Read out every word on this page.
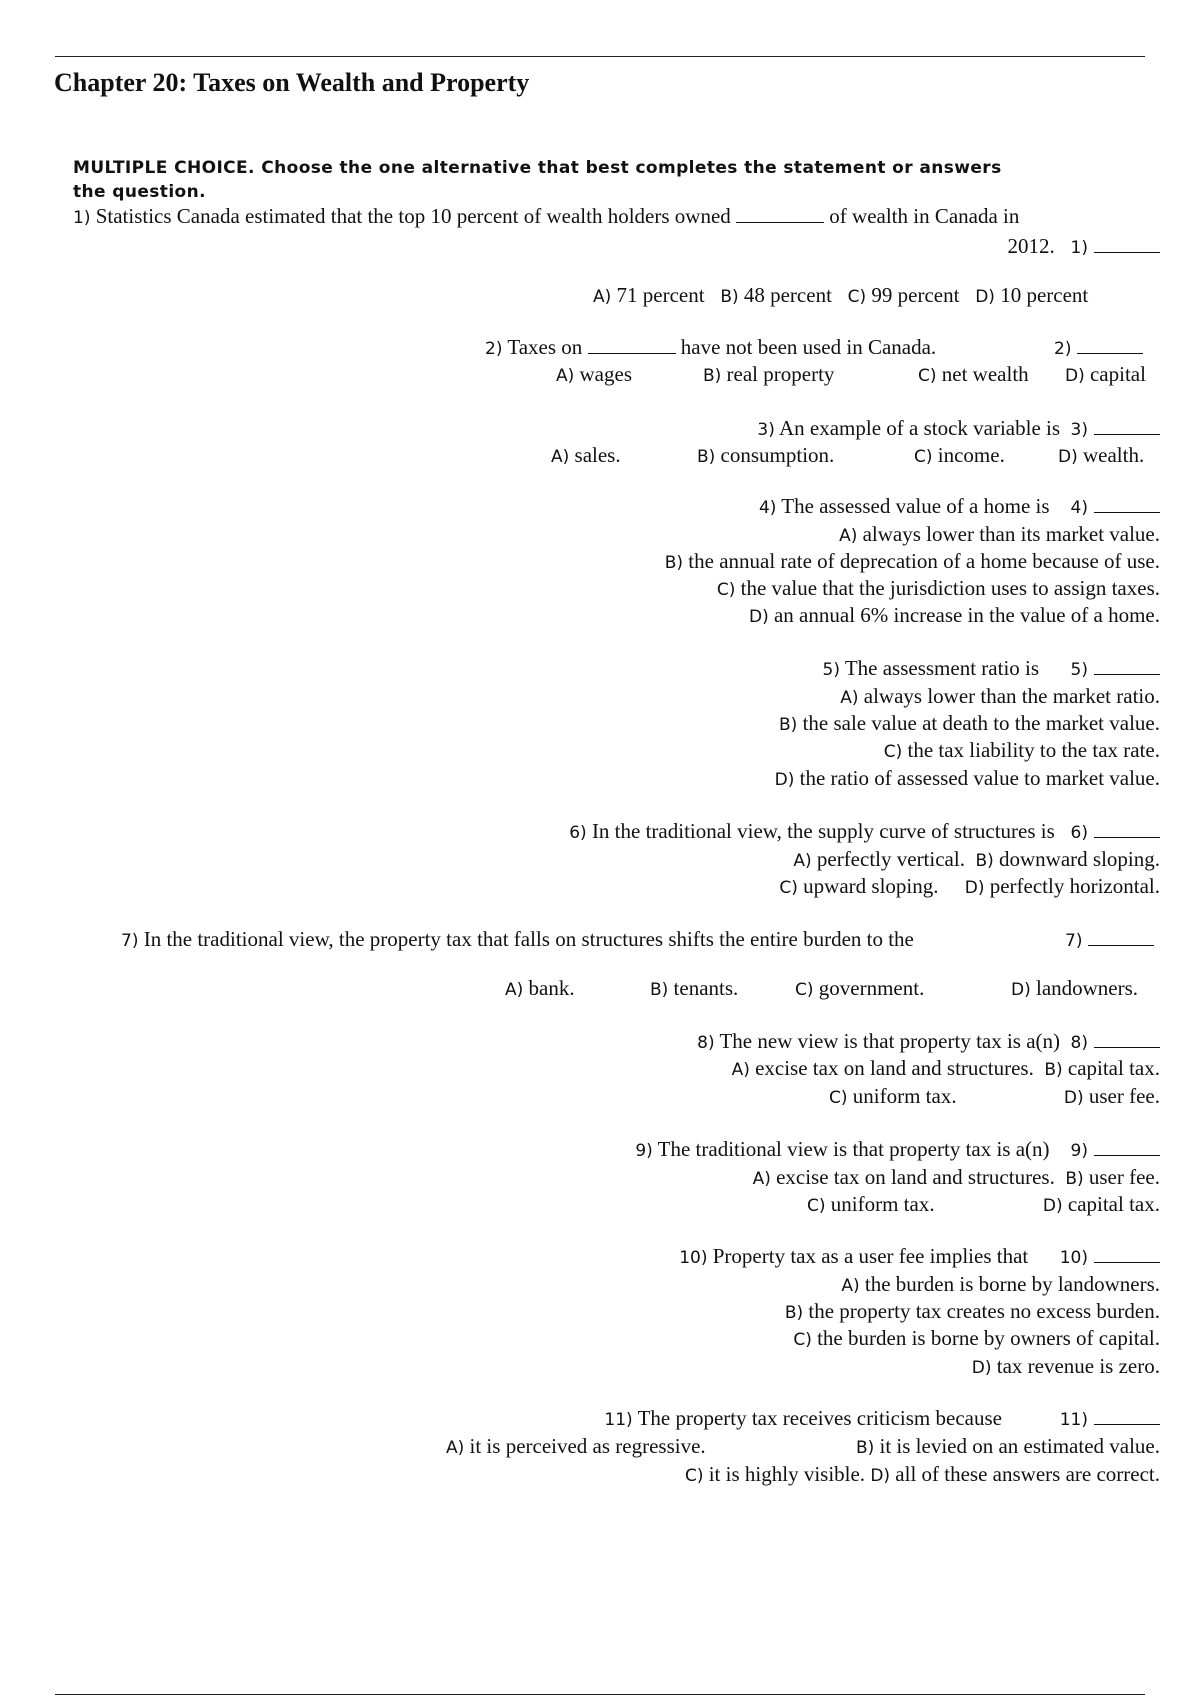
Chapter 20: Taxes on Wealth and Property
MULTIPLE CHOICE. Choose the one alternative that best completes the statement or answers
the question.
1) Statistics Canada estimated that the top 10 percent of wealth holders owned	of wealth in Canada in
2012. 1)
A) 71 percent B) 48 percent C) 99 percent D) 10 percent
2) Taxes on	have not been used in Canada.	2)
A) wages	B) real property	C) net wealth D) capital
3) An example of a stock variable is 3)
A) sales.	B) consumption.	C) income.	D) wealth.
4) The assessed value of a home is 4)
A) always lower than its market value.
B) the annual rate of deprecation of a home because of use.
C) the value that the jurisdiction uses to assign taxes.
D) an annual 6% increase in the value of a home.
5) The assessment ratio is 5)
A) always lower than the market ratio.
B) the sale value at death to the market value.
C) the tax liability to the tax rate.
D) the ratio of assessed value to market value.
6) In the traditional view, the supply curve of structures is 6)
A) perfectly vertical. B) downward sloping.
C) upward sloping. D) perfectly horizontal.
7) In the traditional view, the property tax that falls on structures shifts the entire burden to the	7)
A) bank.	B) tenants.	C) government.	D) landowners.
8) The new view is that property tax is a(n) 8)
A) excise tax on land and structures. B) capital tax.
C) uniform tax.	D) user fee.
9) The traditional view is that property tax is a(n) 9)
A) excise tax on land and structures. B) user fee.
C) uniform tax.	D) capital tax.
10) Property tax as a user fee implies that 10)
A) the burden is borne by landowners.
B) the property tax creates no excess burden.
C) the burden is borne by owners of capital.
D) tax revenue is zero.
11) The property tax receives criticism because	11)
A) it is perceived as regressive.	B) it is levied on an estimated value.
C) it is highly visible. D) all of these answers are correct.
